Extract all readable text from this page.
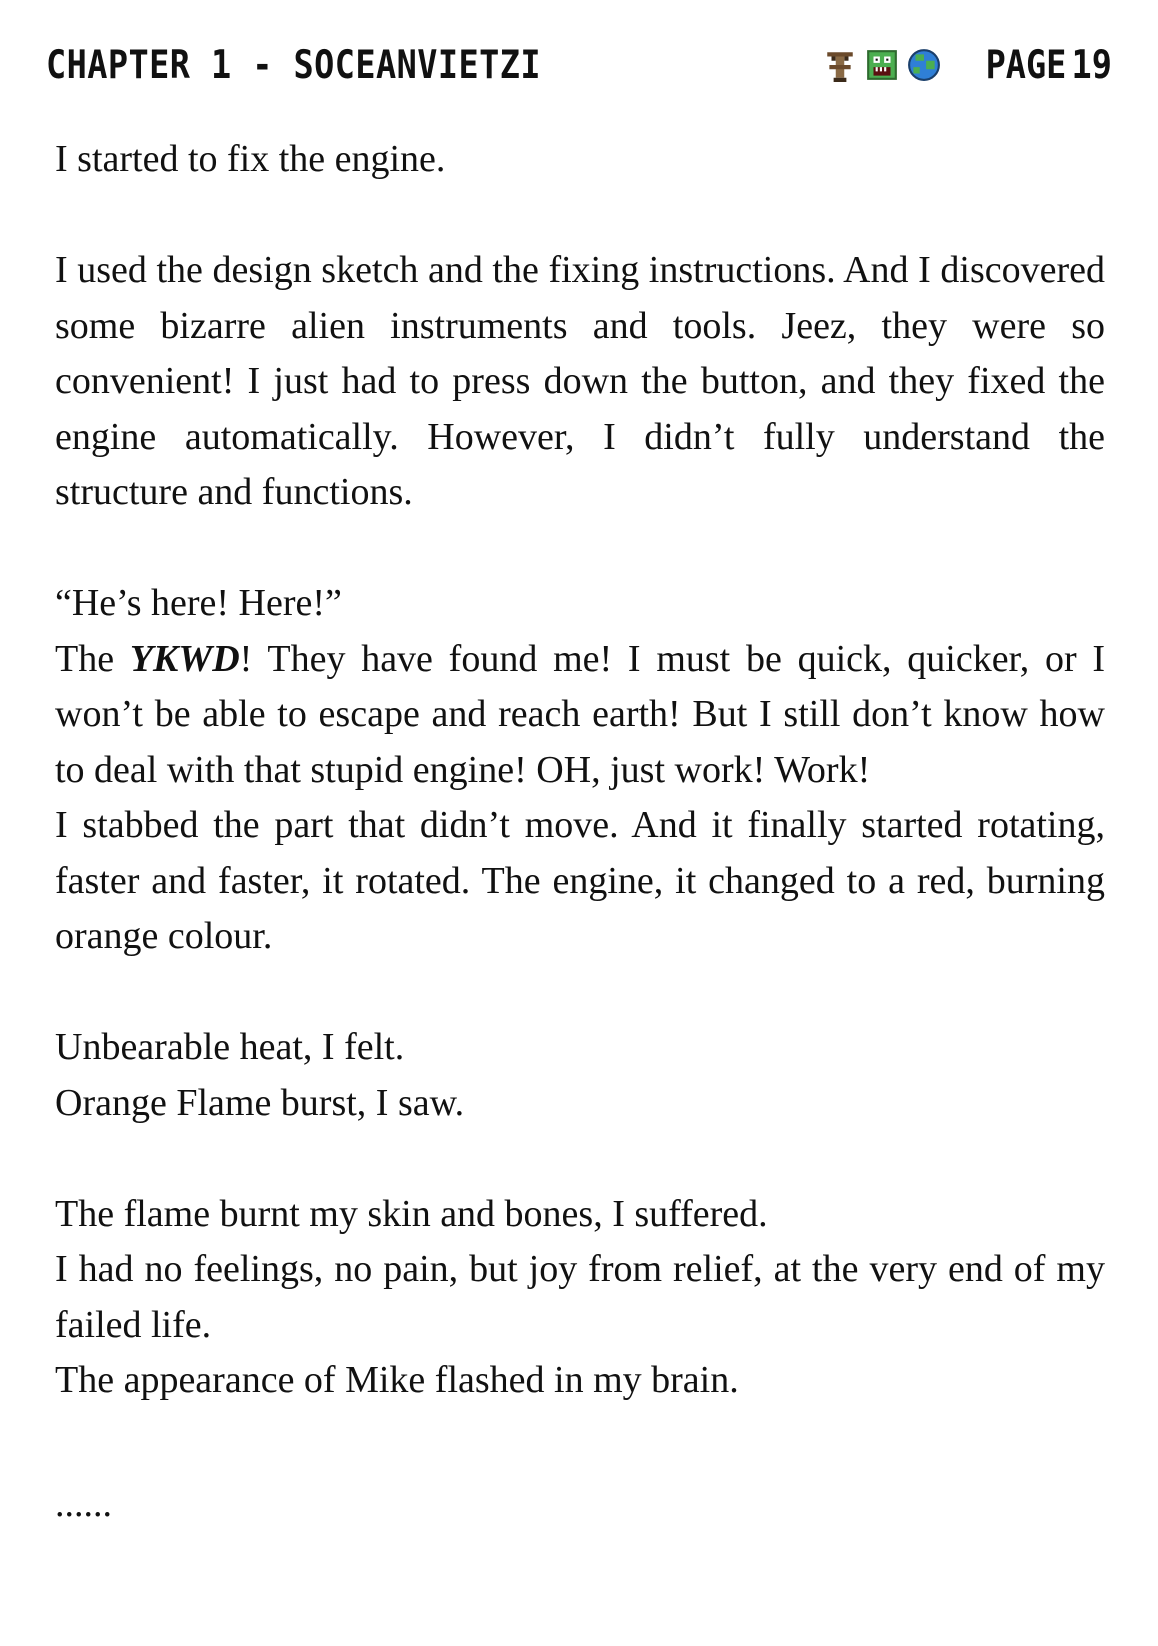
CHAPTER 1 - SOCEANVIETZI	PAGE 19

I started to fix the engine.

I used the design sketch and the fixing instructions. And I discovered some bizarre alien instruments and tools. Jeez, they were so convenient! I just had to press down the button, and they fixed the engine automatically. However, I didn’t fully understand the structure and functions.

“He’s here! Here!”

The YKWD! They have found me! I must be quick, quicker, or I won’t be able to escape and reach earth! But I still don’t know how to deal with that stupid engine! OH, just work! Work!

I stabbed the part that didn’t move. And it finally started rotating, faster and faster, it rotated. The engine, it changed to a red, burning orange colour.

Unbearable heat, I felt.

Orange Flame burst, I saw.

The flame burnt my skin and bones, I suffered.

I had no feelings, no pain, but joy from relief, at the very end of my failed life.

The appearance of Mike flashed in my brain.

......
